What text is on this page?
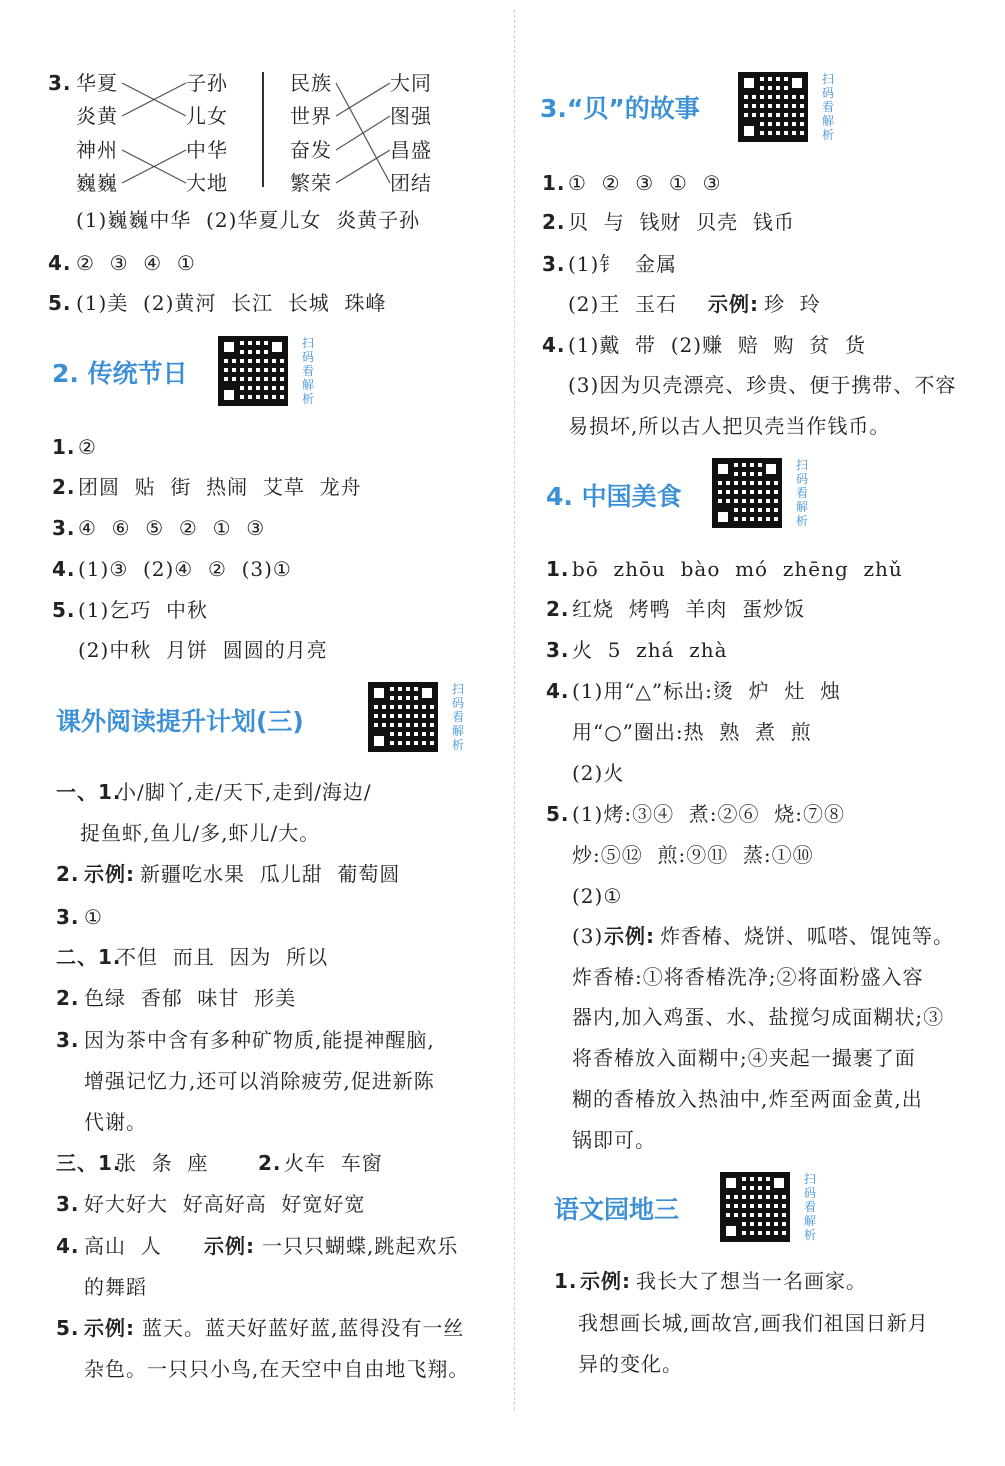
3. 华夏
炎黄
神州
巍巍
子孙
儿女
中华
大地
民族
世界
奋发
繁荣
大同
图强
昌盛
团结
(1)巍巍中华  (2)华夏儿女  炎黄子孙
4. ②  ③  ④  ①
5. (1)美  (2)黄河  长江  长城  珠峰
2. 传统节日
扫码看解析
1. ②
2. 团圆  贴  街  热闹  艾草  龙舟
3. ④  ⑥  ⑤  ②  ①  ③
4. (1)③  (2)④  ②  (3)①
5. (1)乞巧  中秋
(2)中秋  月饼  圆圆的月亮
课外阅读提升计划(三)
扫码看解析
一、1.
小/脚丫,走/天下,走到/海边/
捉鱼虾,鱼儿/多,虾儿/大。
2. 示例: 新疆吃水果  瓜儿甜  葡萄圆
3. ①
二、1.
不但  而且  因为  所以
2. 色绿  香郁  味甘  形美
3. 因为茶中含有多种矿物质,能提神醒脑,
增强记忆力,还可以消除疲劳,促进新陈
代谢。
三、1.
张  条  座 2. 火车  车窗
3. 好大好大  好高好高  好宽好宽
4. 高山  人 示例: 一只只蝴蝶,跳起欢乐
的舞蹈
5. 示例: 蓝天。蓝天好蓝好蓝,蓝得没有一丝
杂色。一只只小鸟,在天空中自由地飞翔。
3.“贝”的故事
扫码看解析
1. ①  ②  ③  ①  ③
2. 贝  与  钱财  贝壳  钱币
3. (1)钅  金属
(2)王  玉石 示例: 珍  玲
4. (1)戴  带  (2)赚  赔  购  贫  货
(3)因为贝壳漂亮、珍贵、便于携带、不容
易损坏,所以古人把贝壳当作钱币。
4. 中国美食
扫码看解析
1. bō  zhōu  bào  mó  zhēng  zhǔ
2. 红烧  烤鸭  羊肉  蛋炒饭
3. 火  5  zhá  zhà
4. (1)用“△”标出:烫  炉  灶  烛
用“○”圈出:热  熟  煮  煎
(2)火
5. (1)烤:③④  煮:②⑥  烧:⑦⑧
炒:⑤⑫  煎:⑨⑪  蒸:①⑩
(2)①
(3) 示例: 炸香椿、烧饼、呱嗒、馄饨等。
炸香椿:①将香椿洗净;②将面粉盛入容
器内,加入鸡蛋、水、盐搅匀成面糊状;③
将香椿放入面糊中;④夹起一撮裹了面
糊的香椿放入热油中,炸至两面金黄,出
锅即可。
语文园地三
扫码看解析
1. 示例: 我长大了想当一名画家。
我想画长城,画故宫,画我们祖国日新月
异的变化。
